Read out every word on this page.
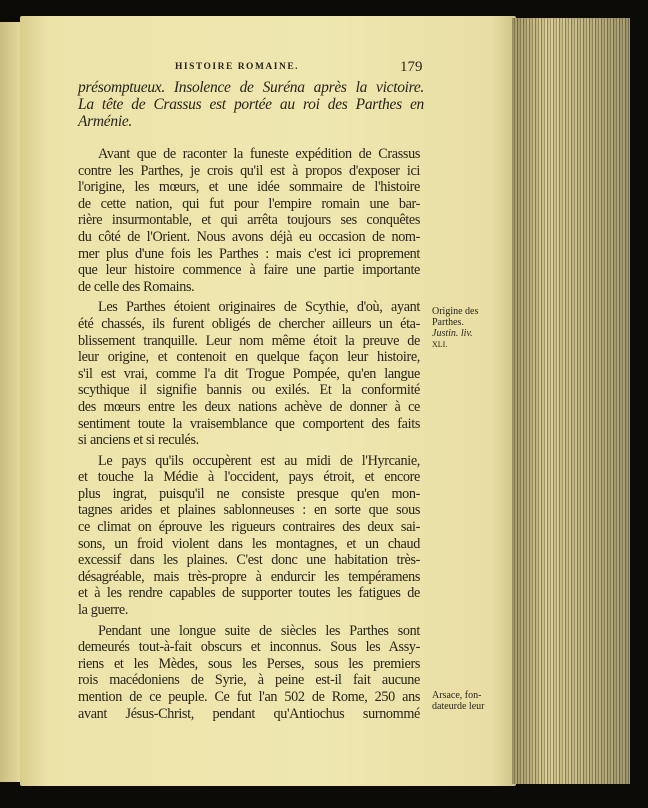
HISTOIRE ROMAINE.	179
présomptueux. Insolence de Suréna après la victoire.
La tête de Crassus est portée au roi des Parthes en
Arménie.
Avant que de raconter la funeste expédition de Crassus
contre les Parthes, je crois qu'il est à propos d'exposer ici
l'origine, les mœurs, et une idée sommaire de l'histoire
de cette nation, qui fut pour l'empire romain une bar-
rière insurmontable, et qui arrêta toujours ses conquêtes
du côté de l'Orient. Nous avons déjà eu occasion de nom-
mer plus d'une fois les Parthes : mais c'est ici proprement
que leur histoire commence à faire une partie importante
de celle des Romains.
Les Parthes étoient originaires de Scythie, d'où, ayant
été chassés, ils furent obligés de chercher ailleurs un éta-
blissement tranquille. Leur nom même étoit la preuve de
leur origine, et contenoit en quelque façon leur histoire,
s'il est vrai, comme l'a dit Trogue Pompée, qu'en langue
scythique il signifie bannis ou exilés. Et la conformité
des mœurs entre les deux nations achève de donner à ce
sentiment toute la vraisemblance que comportent des faits
si anciens et si reculés.
Le pays qu'ils occupèrent est au midi de l'Hyrcanie,
et touche la Médie à l'occident, pays étroit, et encore
plus ingrat, puisqu'il ne consiste presque qu'en mon-
tagnes arides et plaines sablonneuses : en sorte que sous
ce climat on éprouve les rigueurs contraires des deux sai-
sons, un froid violent dans les montagnes, et un chaud
excessif dans les plaines. C'est donc une habitation très-
désagréable, mais très-propre à endurcir les tempéramens
et à les rendre capables de supporter toutes les fatigues de
la guerre.
Pendant une longue suite de siècles les Parthes sont
demeurés tout-à-fait obscurs et inconnus. Sous les Assy-
riens et les Mèdes, sous les Perses, sous les premiers
rois macédoniens de Syrie, à peine est-il fait aucune
mention de ce peuple. Ce fut l'an 502 de Rome, 250 ans
avant Jésus-Christ, pendant qu'Antiochus surnommé
Origine des
Parthes.
Justin. liv.
XLI.
Arsace, fon-
dateurde leur
